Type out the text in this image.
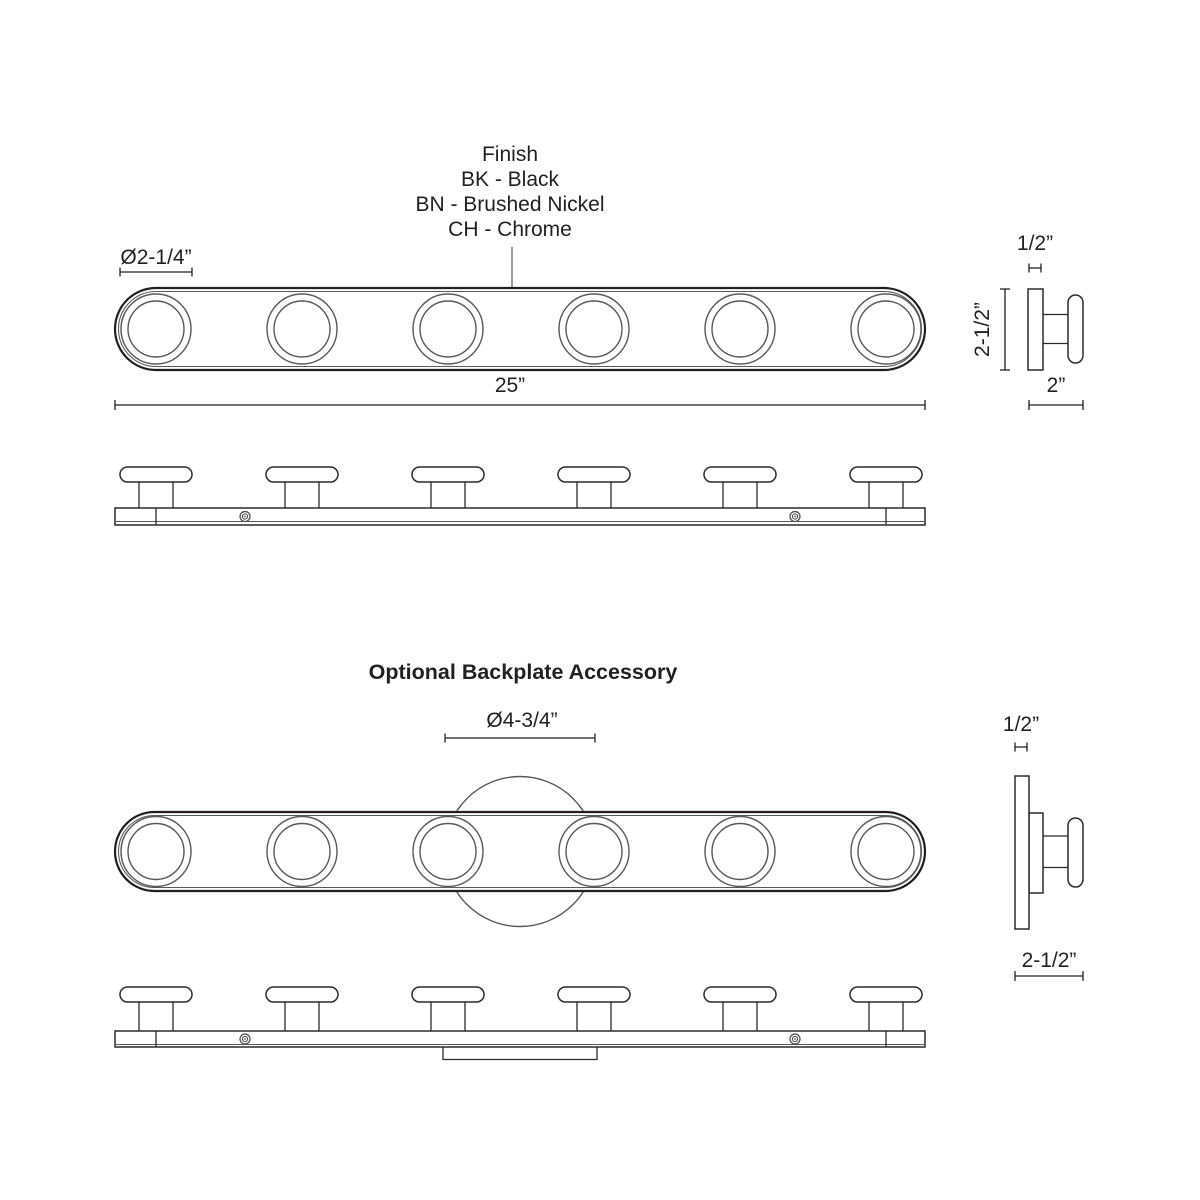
Finish
BK - Black
BN - Brushed Nickel
CH - Chrome
Ø2-1/4”
25”
1/2”
2-1/2”
2”
Optional Backplate Accessory
Ø4-3/4”	1/2”
2-1/2”
